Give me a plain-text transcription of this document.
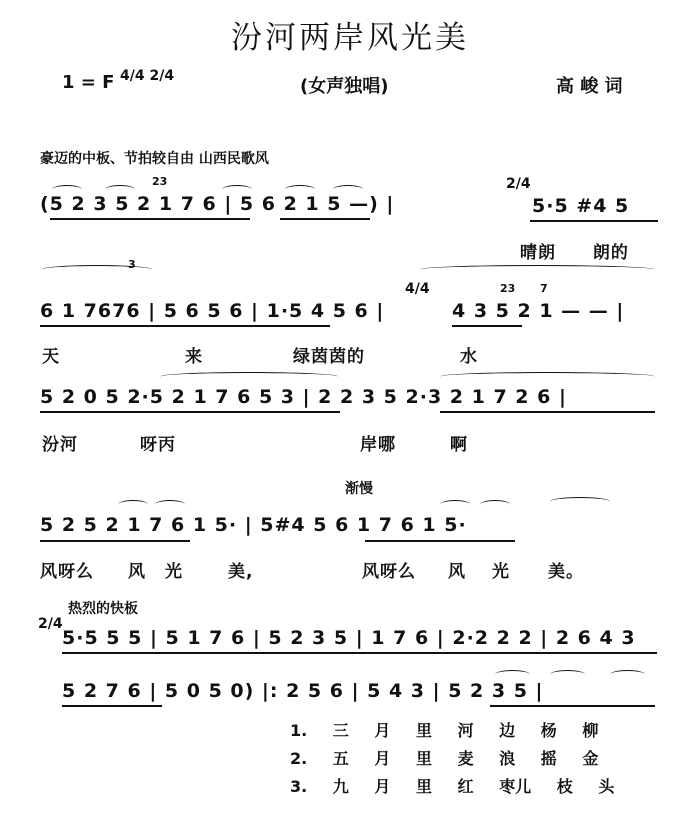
汾河两岸风光美
1 = F 4/4 2/4	(女声独唱)	高 峻 词
豪迈的中板、节拍较自由 山西民歌风
23
(5 2 3 5 2 1 7 6 | 5 6 2 1 5 —) |
2/4
5·5 #4 5
晴朗 朗的
3
6 1 7676 | 5 6 5 6 | 1·5 4 5 6 |
4/4	23 7
4 3 5 2 1 — — |
天	来	绿茵茵的	水
5 2 0 5 2·5 2 1 7 6 5 3 | 2 2 3 5 2·3 2 1 7 2 6 |
汾河	呀丙	岸哪	啊
渐慢
5 2 5 2 1 7 6 1 5· | 5#4 5 6 1 7 6 1 5·
风呀么 风 光	美,	风呀么 风 光 美。
热烈的快板
2/4
5·5 5 5 | 5 1 7 6 | 5 2 3 5 | 1 7 6 | 2·2 2 2 | 2 6 4 3
5 2 7 6 | 5 0 5 0) |: 2 5 6 | 5 4 3 | 5 2 3 5 |
1. 三 月 里 河 边 杨 柳
2. 五 月 里 麦 浪 摇 金
3. 九 月 里 红 枣儿 枝 头
